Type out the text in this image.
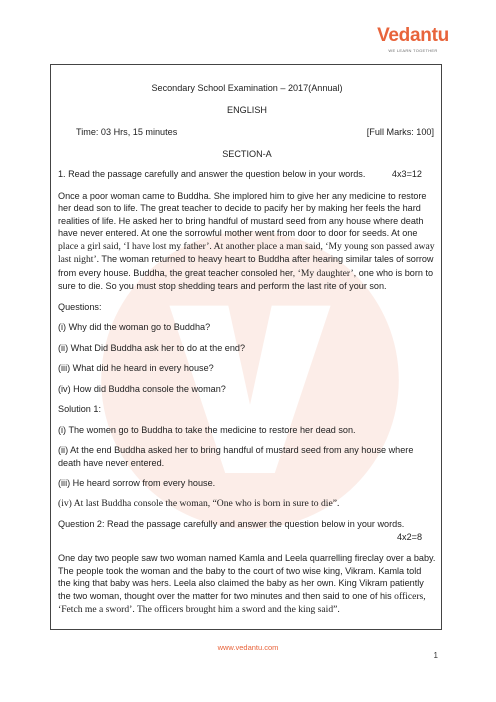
Vedantu
WE LEARN TOGETHER

Secondary School Examination – 2017(Annual)

ENGLISH

Time: 03 Hrs, 15 minutes	[Full Marks: 100]

SECTION-A

1. Read the passage carefully and answer the question below in your words.	4x3=12

Once a poor woman came to Buddha. She implored him to give her any medicine to restore her dead son to life. The great teacher to decide to pacify her by making her feels the hard realities of life. He asked her to bring handful of mustard seed from any house where death have never entered. At one the sorrowful mother went from door to door for seeds. At one place a girl said, ‘I have lost my father’. At another place a man said, ‘My young son passed away last night’. The woman returned to heavy heart to Buddha after hearing similar tales of sorrow from every house. Buddha, the great teacher consoled her, ‘My daughter’, one who is born to sure to die. So you must stop shedding tears and perform the last rite of your son.

Questions:

(i) Why did the woman go to Buddha?

(ii) What Did Buddha ask her to do at the end?

(iii) What did he heard in every house?

(iv) How did Buddha console the woman?

Solution 1:

(i) The women go to Buddha to take the medicine to restore her dead son.

(ii) At the end Buddha asked her to bring handful of mustard seed from any house where death have never entered.

(iii) He heard sorrow from every house.

(iv) At last Buddha console the woman, “One who is born in sure to die”.

Question 2: Read the passage carefully and answer the question below in your words.

4x2=8

One day two people saw two woman named Kamla and Leela quarrelling fireclay over a baby. The people took the woman and the baby to the court of two wise king, Vikram. Kamla told the king that baby was hers. Leela also claimed the baby as her own. King Vikram patiently the two woman, thought over the matter for two minutes and then said to one of his officers, ‘Fetch me a sword’. The officers brought him a sword and the king said”.

www.vedantu.com
1
